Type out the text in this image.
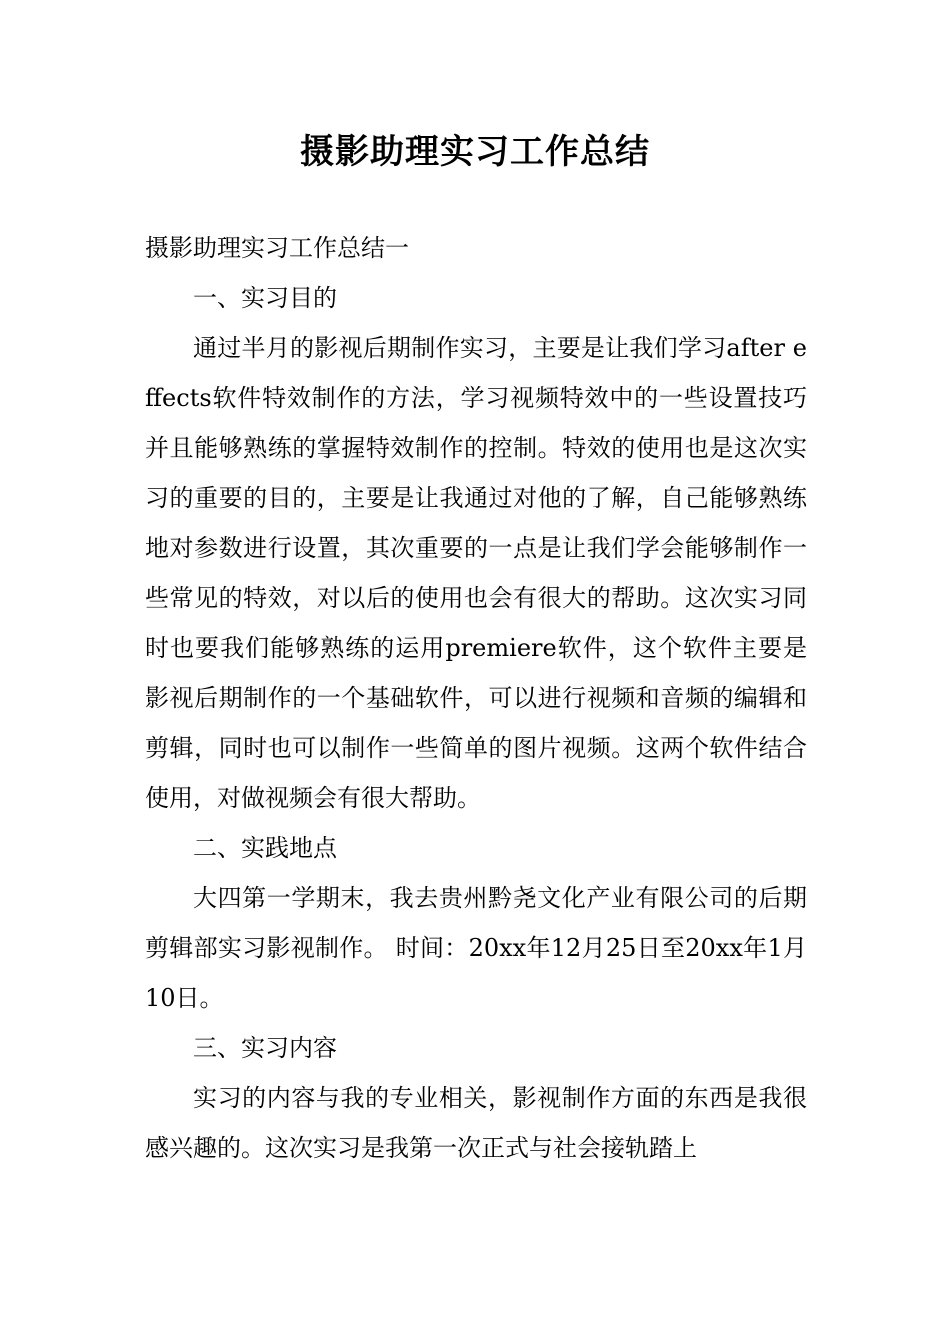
摄影助理实习工作总结

摄影助理实习工作总结一

一、实习目的

通过半月的影视后期制作实习，主要是让我们学习after effects软件特效制作的方法，学习视频特效中的一些设置技巧并且能够熟练的掌握特效制作的控制。特效的使用也是这次实习的重要的目的，主要是让我通过对他的了解，自己能够熟练地对参数进行设置，其次重要的一点是让我们学会能够制作一些常见的特效，对以后的使用也会有很大的帮助。这次实习同时也要我们能够熟练的运用premiere软件，这个软件主要是影视后期制作的一个基础软件，可以进行视频和音频的编辑和剪辑，同时也可以制作一些简单的图片视频。这两个软件结合使用，对做视频会有很大帮助。

二、实践地点

大四第一学期末，我去贵州黔尧文化产业有限公司的后期剪辑部实习影视制作。 时间：20xx年12月25日至20xx年1月10日。

三、实习内容

实习的内容与我的专业相关，影视制作方面的东西是我很感兴趣的。这次实习是我第一次正式与社会接轨踏上
